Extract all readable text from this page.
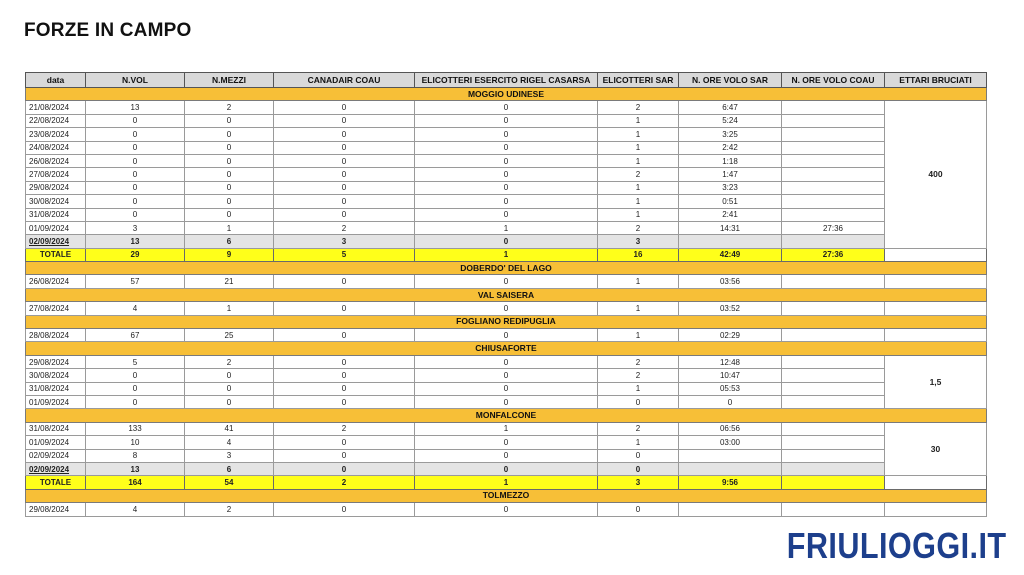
FORZE IN CAMPO
data	N.VOL	N.MEZZI	CANADAIR COAU	ELICOTTERI ESERCITO RIGEL CASARSA	ELICOTTERI SAR	N. ORE VOLO SAR	N. ORE VOLO COAU	ETTARI BRUCIATI
MOGGIO UDINESE								
21/08/2024	13	2	0	0	2	6:47		400
22/08/2024	0	0	0	0	1	5:24		
23/08/2024	0	0	0	0	1	3:25		
24/08/2024	0	0	0	0	1	2:42		
26/08/2024	0	0	0	0	1	1:18		
27/08/2024	0	0	0	0	2	1:47		
29/08/2024	0	0	0	0	1	3:23		
30/08/2024	0	0	0	0	1	0:51		
31/08/2024	0	0	0	0	1	2:41		
01/09/2024	3	1	2	1	2	14:31	27:36	
02/09/2024	13	6	3	0	3			
TOTALE	29	9	5	1	16	42:49	27:36	
DOBERDO' DEL LAGO								
26/08/2024	57	21	0	0	1	03:56		
VAL SAISERA								
27/08/2024	4	1	0	0	1	03:52		
FOGLIANO REDIPUGLIA								
28/08/2024	67	25	0	0	1	02:29		
CHIUSAFORTE								
29/08/2024	5	2	0	0	2	12:48		1,5
30/08/2024	0	0	0	0	2	10:47		
31/08/2024	0	0	0	0	1	05:53		
01/09/2024	0	0	0	0	0	0		
MONFALCONE								
31/08/2024	133	41	2	1	2	06:56		30
01/09/2024	10	4	0	0	1	03:00		
02/09/2024	8	3	0	0	0			
02/09/2024	13	6	0	0	0			
TOTALE	164	54	2	1	3	9:56		
TOLMEZZO								
29/08/2024	4	2	0	0	0			
FRIULIOGGI.IT
